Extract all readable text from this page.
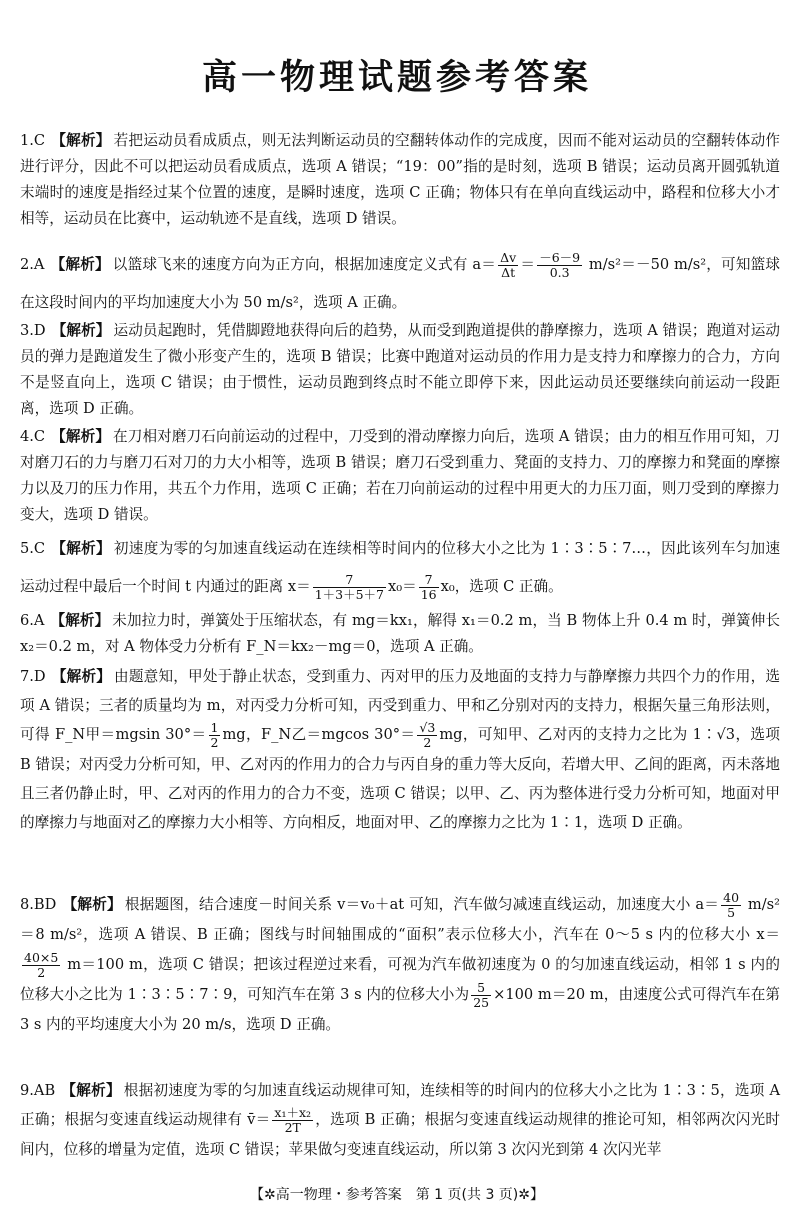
高一物理试题参考答案
1.C 【解析】 若把运动员看成质点，则无法判断运动员的空翻转体动作的完成度，因而不能对运动员的空翻转体动作进行评分，因此不可以把运动员看成质点，选项 A 错误；“19：00”指的是时刻，选项 B 错误；运动员离开圆弧轨道末端时的速度是指经过某个位置的速度，是瞬时速度，选项 C 正确；物体只有在单向直线运动中，路程和位移大小才相等，运动员在比赛中，运动轨迹不是直线，选项 D 错误。
2.A 【解析】 以篮球飞来的速度方向为正方向，根据加速度定义式有 $a= \frac{\Delta v}{\Delta t} = \frac{-6-9}{0.3} m/s^2=-50$ m/s²，可知篮球在这段时间内的平均加速度大小为 50 m/s²，选项 A 正确。
3.D 【解析】 运动员起跑时，凭借脚蹬地获得向后的趋势，从而受到跑道提供的静摩擦力，选项 A 错误；跑道对运动员的弹力是跑道发生了微小形变产生的，选项 B 错误；比赛中跑道对运动员的作用力是支持力和摩擦力的合力，方向不是竖直向上，选项 C 错误；由于惯性，运动员跑到终点时不能立即停下来，因此运动员还要继续向前运动一段距离，选项 D 正确。
4.C 【解析】 在刀相对磨刀石向前运动的过程中，刀受到的滑动摩擦力向后，选项 A 错误；由力的相互作用可知，刀对磨刀石的力与磨刀石对刀的力大小相等，选项 B 错误；磨刀石受到重力、凳面的支持力、刀的摩擦力和凳面的摩擦力以及刀的压力作用，共五个力作用，选项 C 正确；若在刀向前运动的过程中用更大的力压刀面，则刀受到的摩擦力变大，选项 D 错误。
5.C 【解析】 初速度为零的匀加速直线运动在连续相等时间内的位移大小之比为 1∶3∶5∶7…，因此该列车匀加速运动过程中最后一个时间 t 内通过的距离 $x= \frac{7}{1+3+5+7} x_0= \frac{7}{16} x_0$，选项 C 正确。
6.A 【解析】 未加拉力时，弹簧处于压缩状态，有 mg＝kx₁，解得 x₁＝0.2 m，当 B 物体上升 0.4 m 时，弹簧伸长 x₂＝0.2 m，对 A 物体受力分析有 F_N＝kx₂－mg＝0，选项 A 正确。
7.D 【解析】 由题意知，甲处于静止状态，受到重力、丙对甲的压力及地面的支持力与静摩擦力共四个力的作用，选项 A 错误；三者的质量均为 m，对丙受力分析可知，丙受到重力、甲和乙分别对丙的支持力，根据矢量三角形法则，可得 F_N甲＝mgsin $30^\circ= \frac{1}{2}$ mg，F_N乙＝mgcos $30^\circ= \frac{√3}{2}$ mg，可知甲、乙对丙的支持力之比为 1∶√3，选项 B 错误；对丙受力分析可知，甲、乙对丙的作用力的合力与丙自身的重力等大反向，若增大甲、乙间的距离，丙未落地且三者仍静止时，甲、乙对丙的作用力的合力不变，选项 C 错误；以甲、乙、丙为整体进行受力分析可知，地面对甲的摩擦力与地面对乙的摩擦力大小相等、方向相反，地面对甲、乙的摩擦力之比为 1∶1，选项 D 正确。
8.BD 【解析】 根据题图，结合速度－时间关系 v＝v₀＋at 可知，汽车做匀减速直线运动，加速度大小 $a= \frac{40}{5} m/s^2=8$ m/s²，选项 A 错误、B 正确；图线与时间轴围成的“面积”表示位移大小，汽车在 0～5 s 内的位移大小 x＝
$\frac{40\times 5}{2} m=100$ m，选项 C 错误；把该过程逆过来看，可视为汽车做初速度为 0 的匀加速直线运动，相邻 1 s 内的位移大小之比为 1∶3∶5∶7∶9，可知汽车在第 3 s 内的位移大小为 $\frac{5}{25} \times 100$ m＝20 m，由速度公式可得汽车在第 3 s 内的平均速度大小为 20 m/s，选项 D 正确。
9.AB 【解析】 根据初速度为零的匀加速直线运动规律可知，连续相等的时间内的位移大小之比为 1∶3∶5，选项 A 正确；根据匀变速直线运动规律有 v̄＝ $\frac{\text{x₁＋x₂}}{2T}$ ，选项 B 正确；根据匀变速直线运动规律的推论可知，相邻两次闪光时间内，位移的增量为定值，选项 C 错误；苹果做匀变速直线运动，所以第 3 次闪光到第 4 次闪光苹
【✲高一物理・参考答案　第 1 页(共 3 页)✲】
